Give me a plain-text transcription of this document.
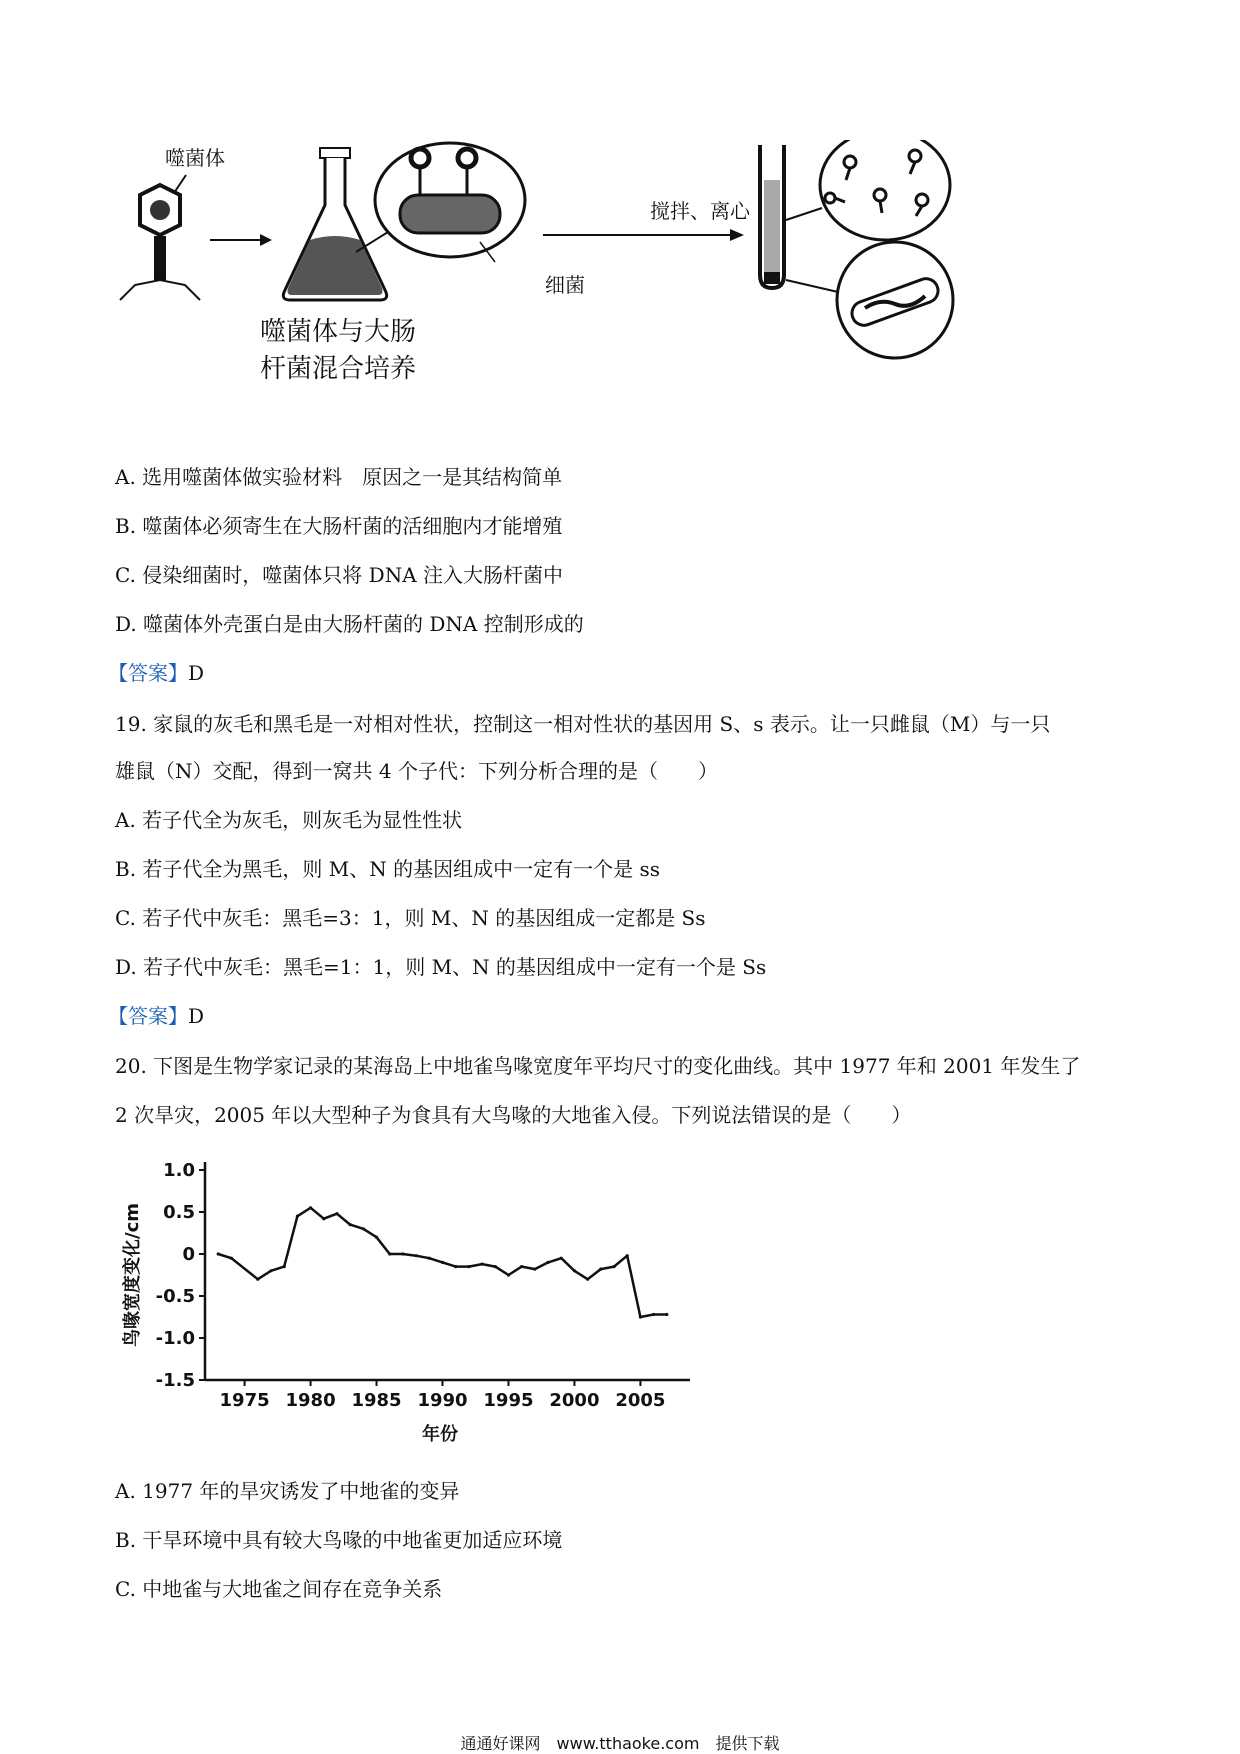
噬菌体
细菌
噬菌体与大肠
杆菌混合培养
搅拌、离心
A. 选用噬菌体做实验材料　原因之一是其结构简单
B. 噬菌体必须寄生在大肠杆菌的活细胞内才能增殖
C. 侵染细菌时，噬菌体只将 DNA 注入大肠杆菌中
D. 噬菌体外壳蛋白是由大肠杆菌的 DNA 控制形成的
【答案】D
19. 家鼠的灰毛和黑毛是一对相对性状，控制这一相对性状的基因用 S、s 表示。让一只雌鼠（M）与一只
雄鼠（N）交配，得到一窝共 4 个子代：下列分析合理的是（　　）
A. 若子代全为灰毛，则灰毛为显性性状
B. 若子代全为黑毛，则 M、N 的基因组成中一定有一个是 ss
C. 若子代中灰毛：黑毛=3：1，则 M、N 的基因组成一定都是 Ss
D. 若子代中灰毛：黑毛=1：1，则 M、N 的基因组成中一定有一个是 Ss
【答案】D
20. 下图是生物学家记录的某海岛上中地雀鸟喙宽度年平均尺寸的变化曲线。其中 1977 年和 2001 年发生了
2 次旱灾，2005 年以大型种子为食具有大鸟喙的大地雀入侵。下列说法错误的是（　　）
1.0
0.5
0
-0.5
-1.0
-1.5
1975 1980 1985 1990 1995 2000 2005
年份
鸟喙宽度变化/cm
A. 1977 年的旱灾诱发了中地雀的变异
B. 干旱环境中具有较大鸟喙的中地雀更加适应环境
C. 中地雀与大地雀之间存在竞争关系
通通好课网　www.tthaoke.com　提供下载
